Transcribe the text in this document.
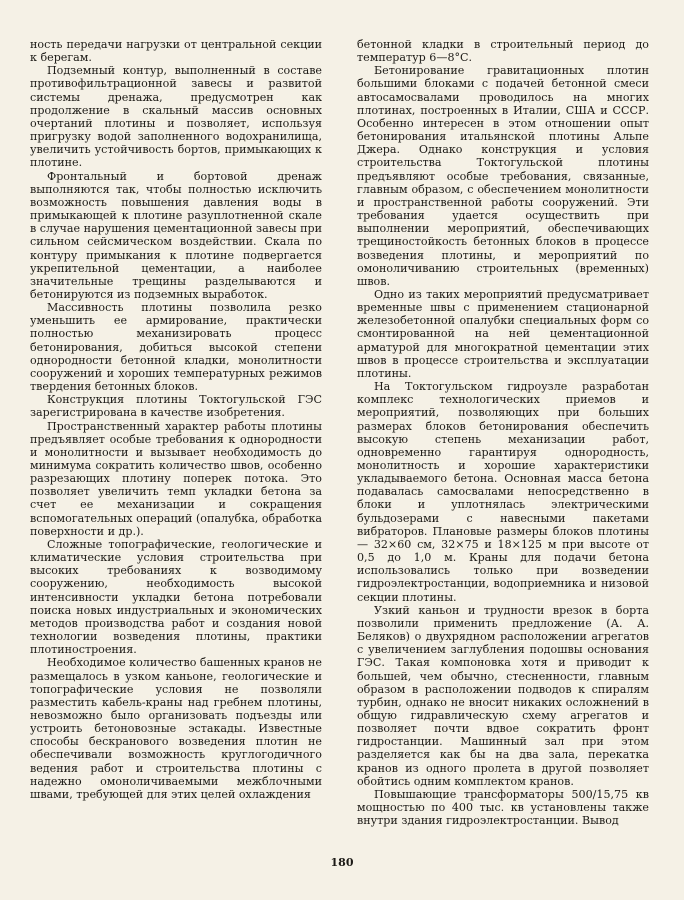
ность передачи нагрузки от центральной секции к берегам.

Подземный контур, выполненный в составе противофильтрационной завесы и развитой системы дренажа, предусмотрен как продолжение в скальный массив основных очертаний плотины и позволяет, используя пригрузку водой заполненного водохранилища, увеличить устойчивость бортов, примыкающих к плотине.

Фронтальный и бортовой дренаж выполняются так, чтобы полностью исключить возможность повышения давления воды в примыкающей к плотине разуплотненной скале в случае нарушения цементационной завесы при сильном сейсмическом воздействии. Скала по контуру примыкания к плотине подвергается укрепительной цементации, а наиболее значительные трещины разделываются и бетонируются из подземных выработок.

Массивность плотины позволила резко уменьшить ее армирование, практически полностью механизировать процесс бетонирования, добиться высокой степени однородности бетонной кладки, монолитности сооружений и хороших температурных режимов твердения бетонных блоков.

Конструкция плотины Токтогульской ГЭС зарегистрирована в качестве изобретения.

Пространственный характер работы плотины предъявляет особые требования к однородности и монолитности и вызывает необходимость до минимума сократить количество швов, особенно разрезающих плотину поперек потока. Это позволяет увеличить темп укладки бетона за счет ее механизации и сокращения вспомогательных операций (опалубка, обработка поверхности и др.).

Сложные топографические, геологические и климатические условия строительства при высоких требованиях к возводимому сооружению, необходимость высокой интенсивности укладки бетона потребовали поиска новых индустриальных и экономических методов производства работ и создания новой технологии возведения плотины, практики плотиностроения.

Необходимое количество башенных кранов не размещалось в узком каньоне, геологические и топографические условия не позволяли разместить кабель-краны над гребнем плотины, невозможно было организовать подъезды или устроить бетоновозные эстакады. Известные способы бескранового возведения плотин не обеспечивали возможность круглогодичного ведения работ и строительства плотины с надежно омоноличиваемыми межблочными швами, требующей для этих целей охлаждения

бетонной кладки в строительный период до температур 6—8°С.

Бетонирование гравитационных плотин большими блоками с подачей бетонной смеси автосамосвалами проводилось на многих плотинах, построенных в Италии, США и СССР. Особенно интересен в этом отношении опыт бетонирования итальянской плотины Альпе Джера. Однако конструкция и условия строительства Токтогульской плотины предъявляют особые требования, связанные, главным образом, с обеспечением монолитности и пространственной работы сооружений. Эти требования удается осуществить при выполнении мероприятий, обеспечивающих трещиностойкость бетонных блоков в процессе возведения плотины, и мероприятий по омоноличиванию строительных (временных) швов.

Одно из таких мероприятий предусматривает временные швы с применением стационарной железобетонной опалубки специальных форм со смонтированной на ней цементационной арматурой для многократной цементации этих швов в процессе строительства и эксплуатации плотины.

На Токтогульском гидроузле разработан комплекс технологических приемов и мероприятий, позволяющих при больших размерах блоков бетонирования обеспечить высокую степень механизации работ, одновременно гарантируя однородность, монолитность и хорошие характеристики укладываемого бетона. Основная масса бетона подавалась самосвалами непосредственно в блоки и уплотнялась электрическими бульдозерами с навесными пакетами вибраторов. Плановые размеры блоков плотины — 32×60 см, 32×75 и 18×125 м при высоте от 0,5 до 1,0 м. Краны для подачи бетона использовались только при возведении гидроэлектростанции, водоприемника и низовой секции плотины.

Узкий каньон и трудности врезок в борта позволили применить предложение (А. А. Беляков) о двухрядном расположении агрегатов с увеличением заглубления подошвы основания ГЭС. Такая компоновка хотя и приводит к большей, чем обычно, стесненности, главным образом в расположении подводов к спиралям турбин, однако не вносит никаких осложнений в общую гидравлическую схему агрегатов и позволяет почти вдвое сократить фронт гидростанции. Машинный зал при этом разделяется как бы на два зала, перекатка кранов из одного пролета в другой позволяет обойтись одним комплектом кранов.

Повышающие трансформаторы 500/15,75 кв мощностью по 400 тыс. кв установлены также внутри здания гидроэлектростанции. Вывод

180
